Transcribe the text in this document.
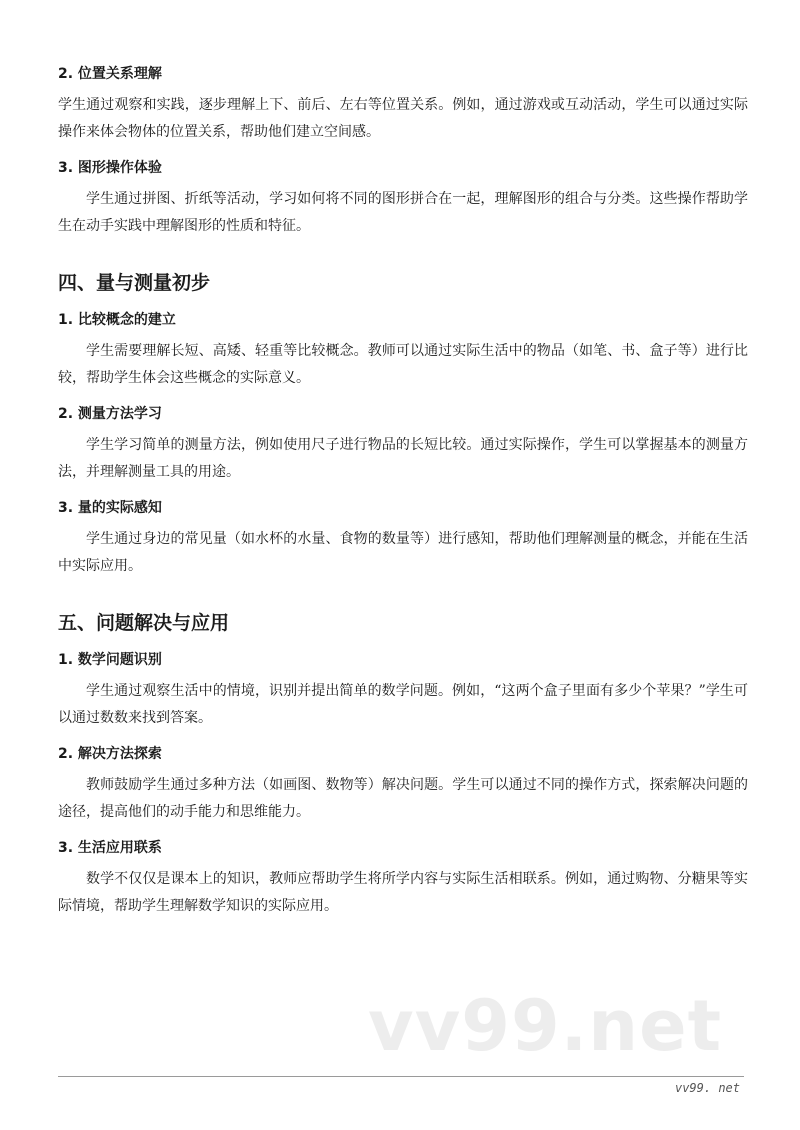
2. 位置关系理解

学生通过观察和实践，逐步理解上下、前后、左右等位置关系。例如，通过游戏或互动活动，学生可以通过实际操作来体会物体的位置关系，帮助他们建立空间感。

3. 图形操作体验

学生通过拼图、折纸等活动，学习如何将不同的图形拼合在一起，理解图形的组合与分类。这些操作帮助学生在动手实践中理解图形的性质和特征。

四、量与测量初步
1. 比较概念的建立

学生需要理解长短、高矮、轻重等比较概念。教师可以通过实际生活中的物品（如笔、书、盒子等）进行比较，帮助学生体会这些概念的实际意义。

2. 测量方法学习

学生学习简单的测量方法，例如使用尺子进行物品的长短比较。通过实际操作，学生可以掌握基本的测量方法，并理解测量工具的用途。

3. 量的实际感知

学生通过身边的常见量（如水杯的水量、食物的数量等）进行感知，帮助他们理解测量的概念，并能在生活中实际应用。

五、问题解决与应用
1. 数学问题识别

学生通过观察生活中的情境，识别并提出简单的数学问题。例如，“这两个盒子里面有多少个苹果？”学生可以通过数数来找到答案。

2. 解决方法探索

教师鼓励学生通过多种方法（如画图、数物等）解决问题。学生可以通过不同的操作方式，探索解决问题的途径，提高他们的动手能力和思维能力。

3. 生活应用联系

数学不仅仅是课本上的知识，教师应帮助学生将所学内容与实际生活相联系。例如，通过购物、分糖果等实际情境，帮助学生理解数学知识的实际应用。

vv99.net
vv99. net
